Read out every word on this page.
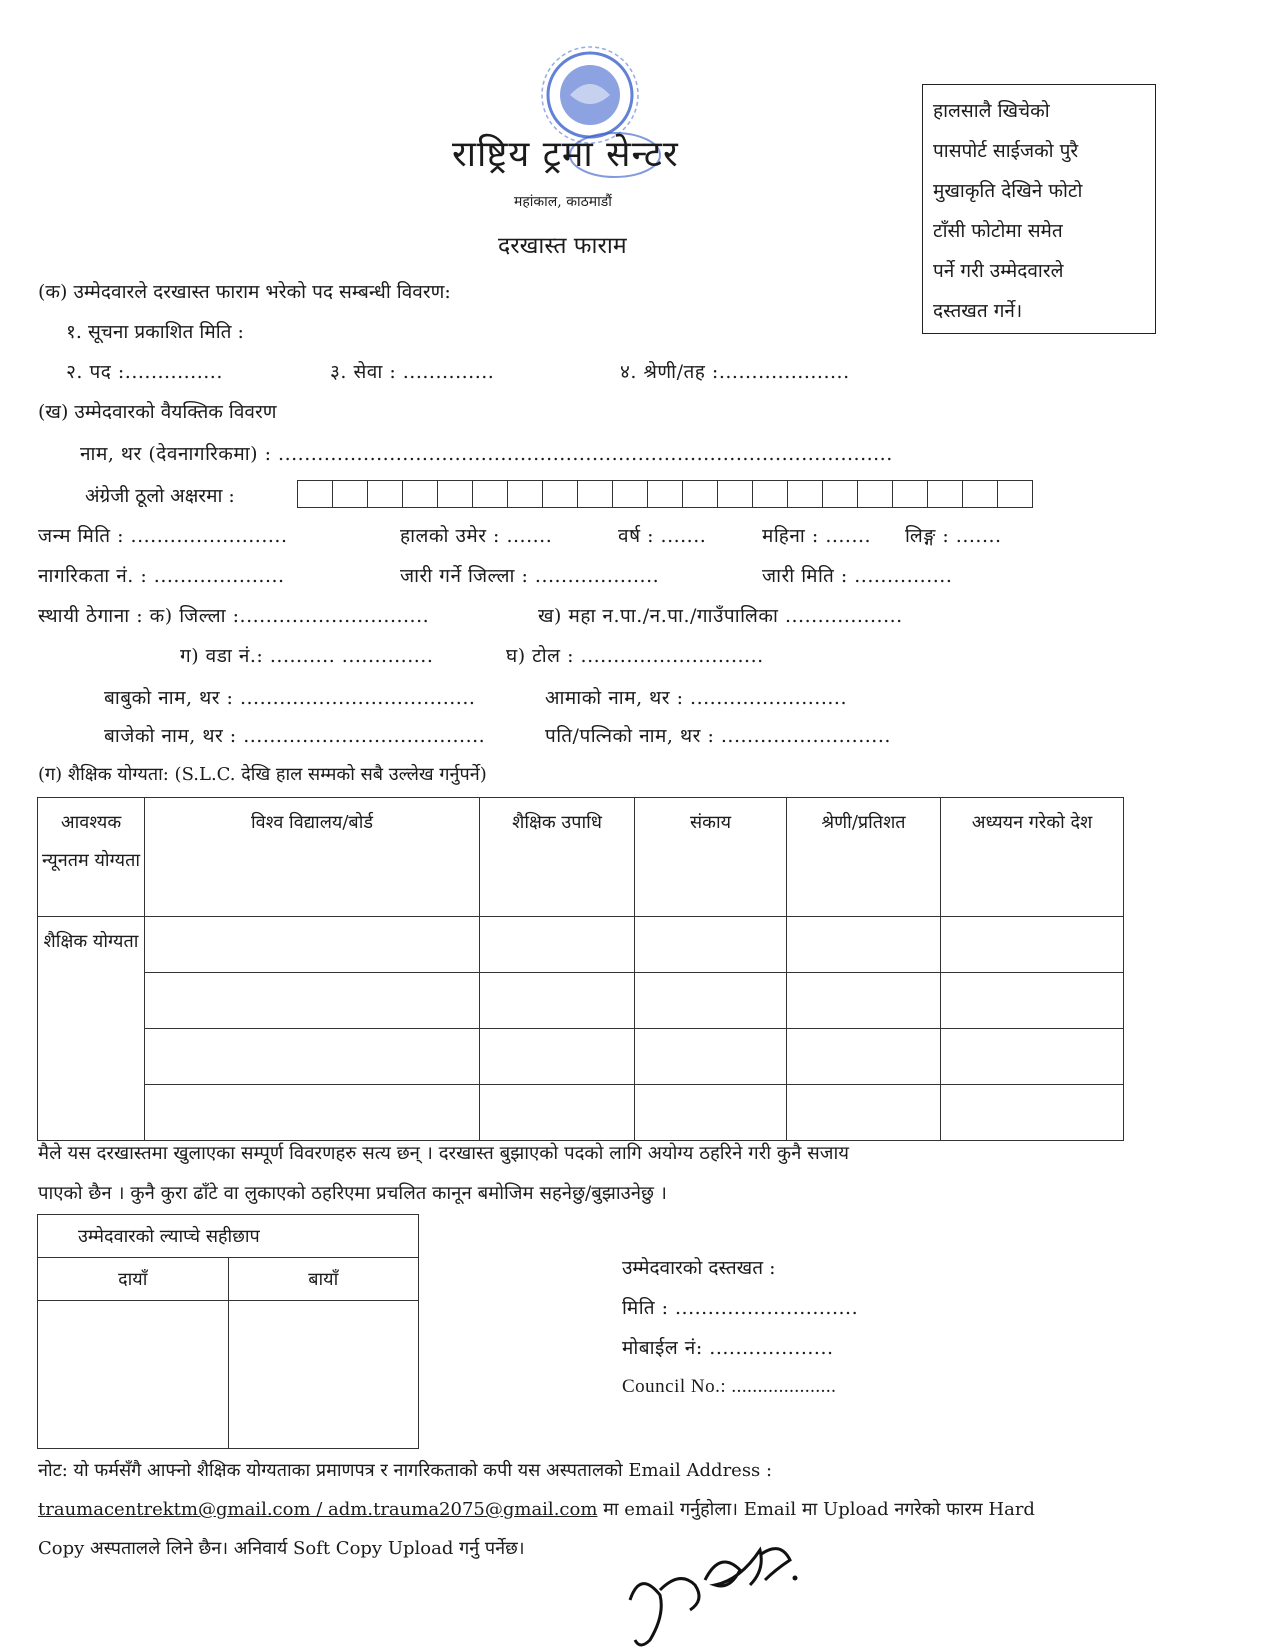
राष्ट्रिय ट्रमा सेन्टर
महांकाल, काठमाडौं
दरखास्त फाराम
हालसालै खिचेको
पासपोर्ट साईजको पुरै
मुखाकृति देखिने फोटो
टाँसी फोटोमा समेत
पर्ने गरी उम्मेदवारले
दस्तखत गर्ने।
(क) उम्मेदवारले दरखास्त फाराम भरेको पद सम्बन्धी विवरण:
१. सूचना प्रकाशित मिति :
२. पद :...............	३. सेवा : ..............	४. श्रेणी/तह :....................
(ख) उम्मेदवारको वैयक्तिक विवरण
नाम, थर (देवनागरिकमा) : ..............................................................................................
अंग्रेजी ठूलो अक्षरमा :
जन्म मिति : ........................	हालको उमेर : .......	वर्ष : .......	महिना : ....... लिङ्ग : .......
नागरिकता नं. : ....................	जारी गर्ने जिल्ला : ...................	जारी मिति : ...............
स्थायी ठेगाना : क) जिल्ला :.............................	ख) महा न.पा./न.पा./गाउँपालिका ..................
ग) वडा नं.: .......... ..............	घ) टोल : ............................
बाबुको नाम, थर : ....................................	आमाको नाम, थर : ........................
बाजेको नाम, थर : .....................................	पति/पत्निको नाम, थर : ..........................
(ग) शैक्षिक योग्यता: (S.L.C. देखि हाल सम्मको सबै उल्लेख गर्नुपर्ने)
आवश्यक न्यूनतम योग्यता	विश्व विद्यालय/बोर्ड	शैक्षिक उपाधि	संकाय	श्रेणी/प्रतिशत	अध्ययन गरेको देश
शैक्षिक योग्यता					

मैले यस दरखास्तमा खुलाएका सम्पूर्ण विवरणहरु सत्य छन् । दरखास्त बुझाएको पदको लागि अयोग्य ठहरिने गरी कुनै सजाय
पाएको छैन । कुनै कुरा ढाँटे वा लुकाएको ठहरिएमा प्रचलित कानून बमोजिम सहनेछु/बुझाउनेछु ।
उम्मेदवारको ल्याप्चे सहीछाप	
दायाँ	बायाँ

उम्मेदवारको दस्तखत :
मिति : ............................
मोबाईल नं: ...................
Council No.: ....................
नोट: यो फर्मसँगै आफ्नो शैक्षिक योग्यताका प्रमाणपत्र र नागरिकताको कपी यस अस्पतालको Email Address :
traumacentrektm@gmail.com / adm.trauma2075@gmail.com मा email गर्नुहोला। Email मा Upload नगरेको फारम Hard
Copy अस्पतालले लिने छैन। अनिवार्य Soft Copy Upload गर्नु पर्नेछ।
